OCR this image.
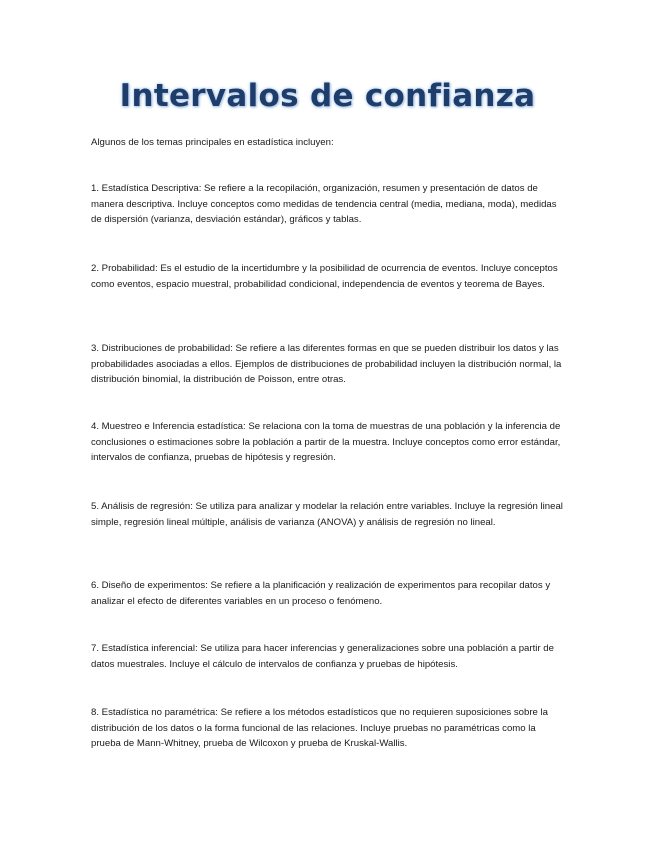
Intervalos de confianza

Algunos de los temas principales en estadística incluyen:

1. Estadística Descriptiva: Se refiere a la recopilación, organización, resumen y presentación de datos de manera descriptiva. Incluye conceptos como medidas de tendencia central (media, mediana, moda), medidas de dispersión (varianza, desviación estándar), gráficos y tablas.

2. Probabilidad: Es el estudio de la incertidumbre y la posibilidad de ocurrencia de eventos. Incluye conceptos como eventos, espacio muestral, probabilidad condicional, independencia de eventos y teorema de Bayes.

3. Distribuciones de probabilidad: Se refiere a las diferentes formas en que se pueden distribuir los datos y las probabilidades asociadas a ellos. Ejemplos de distribuciones de probabilidad incluyen la distribución normal, la distribución binomial, la distribución de Poisson, entre otras.

4. Muestreo e Inferencia estadística: Se relaciona con la toma de muestras de una población y la inferencia de conclusiones o estimaciones sobre la población a partir de la muestra. Incluye conceptos como error estándar, intervalos de confianza, pruebas de hipótesis y regresión.

5. Análisis de regresión: Se utiliza para analizar y modelar la relación entre variables. Incluye la regresión lineal simple, regresión lineal múltiple, análisis de varianza (ANOVA) y análisis de regresión no lineal.

6. Diseño de experimentos: Se refiere a la planificación y realización de experimentos para recopilar datos y analizar el efecto de diferentes variables en un proceso o fenómeno.

7. Estadística inferencial: Se utiliza para hacer inferencias y generalizaciones sobre una población a partir de datos muestrales. Incluye el cálculo de intervalos de confianza y pruebas de hipótesis.

8. Estadística no paramétrica: Se refiere a los métodos estadísticos que no requieren suposiciones sobre la distribución de los datos o la forma funcional de las relaciones. Incluye pruebas no paramétricas como la prueba de Mann-Whitney, prueba de Wilcoxon y prueba de Kruskal-Wallis.
